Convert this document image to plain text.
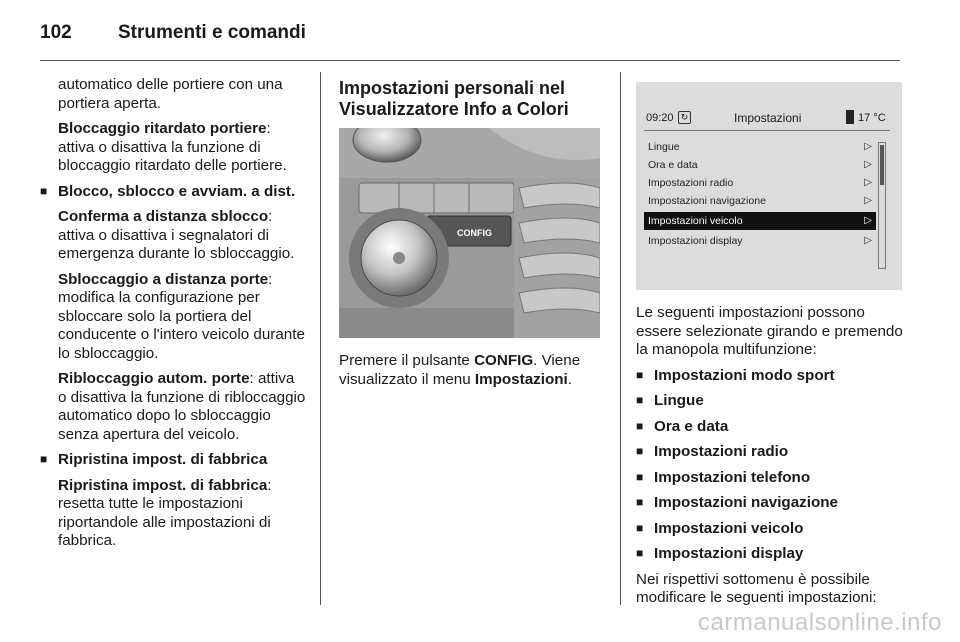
102 Strumenti e comandi

automatico delle portiere con una portiera aperta.

Bloccaggio ritardato portiere: attiva o disattiva la funzione di bloccaggio ritardato delle portiere.

■ Blocco, sblocco e avviam. a dist.

Conferma a distanza sblocco: attiva o disattiva i segnalatori di emergenza durante lo sbloccaggio.

Sbloccaggio a distanza porte: modifica la configurazione per sbloccare solo la portiera del conducente o l'intero veicolo durante lo sbloccaggio.

Ribloccaggio autom. porte: attiva o disattiva la funzione di ribloccaggio automatico dopo lo sbloccaggio senza apertura del veicolo.

■ Ripristina impost. di fabbrica

Ripristina impost. di fabbrica: resetta tutte le impostazioni riportandole alle impostazioni di fabbrica.

Impostazioni personali nel Visualizzatore Info a Colori

CONFIG

Premere il pulsante CONFIG. Viene visualizzato il menu Impostazioni.

09:20 ↻	Impostazioni	17 °C
Lingue	▷
Ora e data	▷
Impostazioni radio	▷
Impostazioni navigazione	▷
Impostazioni veicolo	▷
Impostazioni display	▷

Le seguenti impostazioni possono essere selezionate girando e premendo la manopola multifunzione:

■ Impostazioni modo sport

■ Lingue

■ Ora e data

■ Impostazioni radio

■ Impostazioni telefono

■ Impostazioni navigazione

■ Impostazioni veicolo

■ Impostazioni display

Nei rispettivi sottomenu è possibile modificare le seguenti impostazioni:

carmanualsonline.info
